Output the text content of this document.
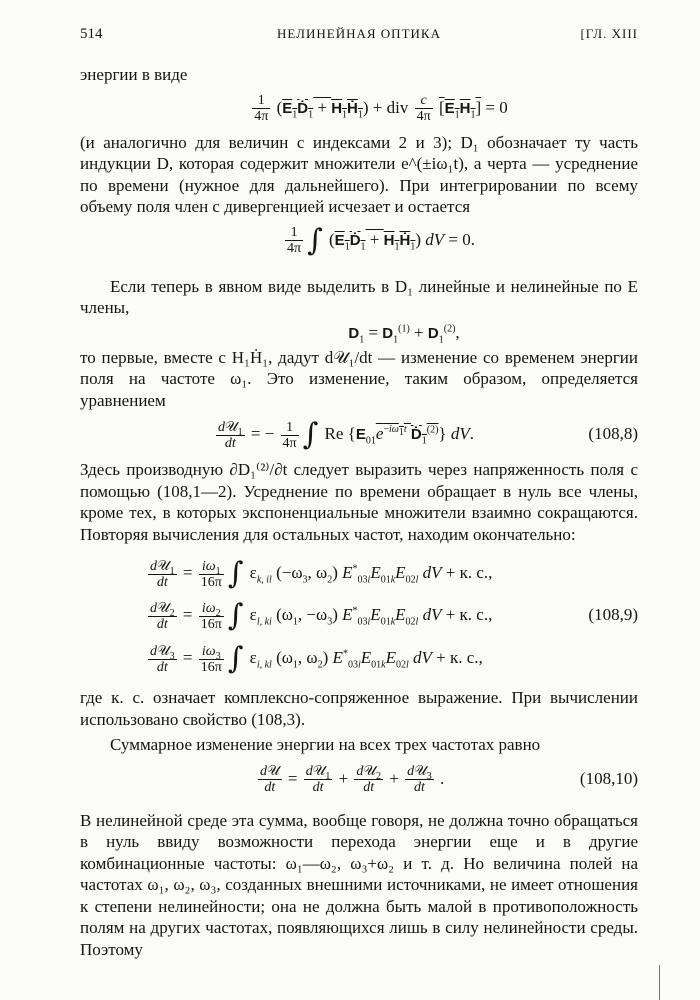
514	НЕЛИНЕЙНАЯ ОПТИКА	[ГЛ. XIII

энергии в виде

$\frac{1}{4\pi}$ ($E_1Ḋ_1$ + $H_1Ḣ_1$) + div $\frac{c}{4\pi} [E_1H_1] = 0$

(и аналогично для величин с индексами 2 и 3); D₁ обозначает ту часть индукции D, которая содержит множители e^(±iω₁t), а черта — усреднение по времени (нужное для дальнейшего). При интегрировании по всему объему поля член с дивергенцией исчезает и остается

$\frac{1}{4\pi}$ ∫ ($E_1Ḋ_1$ + $H_1Ḣ_1$) dV = 0.

Если теперь в явном виде выделить в D₁ линейные и нелинейные по E члены,

$D_1 = D_1^{(1)} + D_1^{(2)}$,

то первые, вместе с H₁Ḣ₁, дадут d𝒰₁/dt — изменение со временем энергии поля на частоте ω₁. Это изменение, таким образом, определяется уравнением

$\frac{d𝒰_1}{dt}$ = − $\frac{1}{4\pi}$ ∫ Re {$E_{01}e^{-i\omega_1t}$ Ḋ$_1^{(2)}$} dV.	(108,8)

Здесь производную ∂D₁⁽²⁾/∂t следует выразить через напряженность поля с помощью (108,1—2). Усреднение по времени обращает в нуль все члены, кроме тех, в которых экспоненциальные множители взаимно сокращаются. Повторяя вычисления для остальных частот, находим окончательно:

$\frac{d𝒰_1}{dt} = \frac{i\omega_1}{16\pi}$ ∫ $\varepsilon_{k, il}$ ($-\omega_3$, $\omega_2$) $E^*_{03i}E_{01k}E_{02l}$ dV + к. с.,
$\frac{d𝒰_2}{dt} = \frac{i\omega_2}{16\pi}$ ∫ $\varepsilon_{l, ki}$ ($\omega_1$, $-\omega_3$) $E^*_{03i}E_{01k}E_{02l}$ dV + к. с.,	(108,9)
$\frac{d𝒰_3}{dt} = \frac{i\omega_3}{16\pi}$ ∫ $\varepsilon_{i, kl}$ ($\omega_1$, $\omega_2$) $E^*_{03i}E_{01k}E_{02l}$ dV + к. с.,

где к. с. означает комплексно-сопряженное выражение. При вычислении использовано свойство (108,3).

Суммарное изменение энергии на всех трех частотах равно

$\frac{\text{d𝒰}}{dt} = \frac{d𝒰_1}{dt} + \frac{d𝒰_2}{dt} + \frac{d𝒰_3}{dt}$ .	(108,10)

В нелинейной среде эта сумма, вообще говоря, не должна точно обращаться в нуль ввиду возможности перехода энергии еще и в другие комбинационные частоты: ω₁—ω₂, ω₃+ω₂ и т. д. Но величина полей на частотах ω₁, ω₂, ω₃, созданных внешними источниками, не имеет отношения к степени нелинейности; она не должна быть малой в противоположность полям на других частотах, появляющихся лишь в силу нелинейности среды. Поэтому
